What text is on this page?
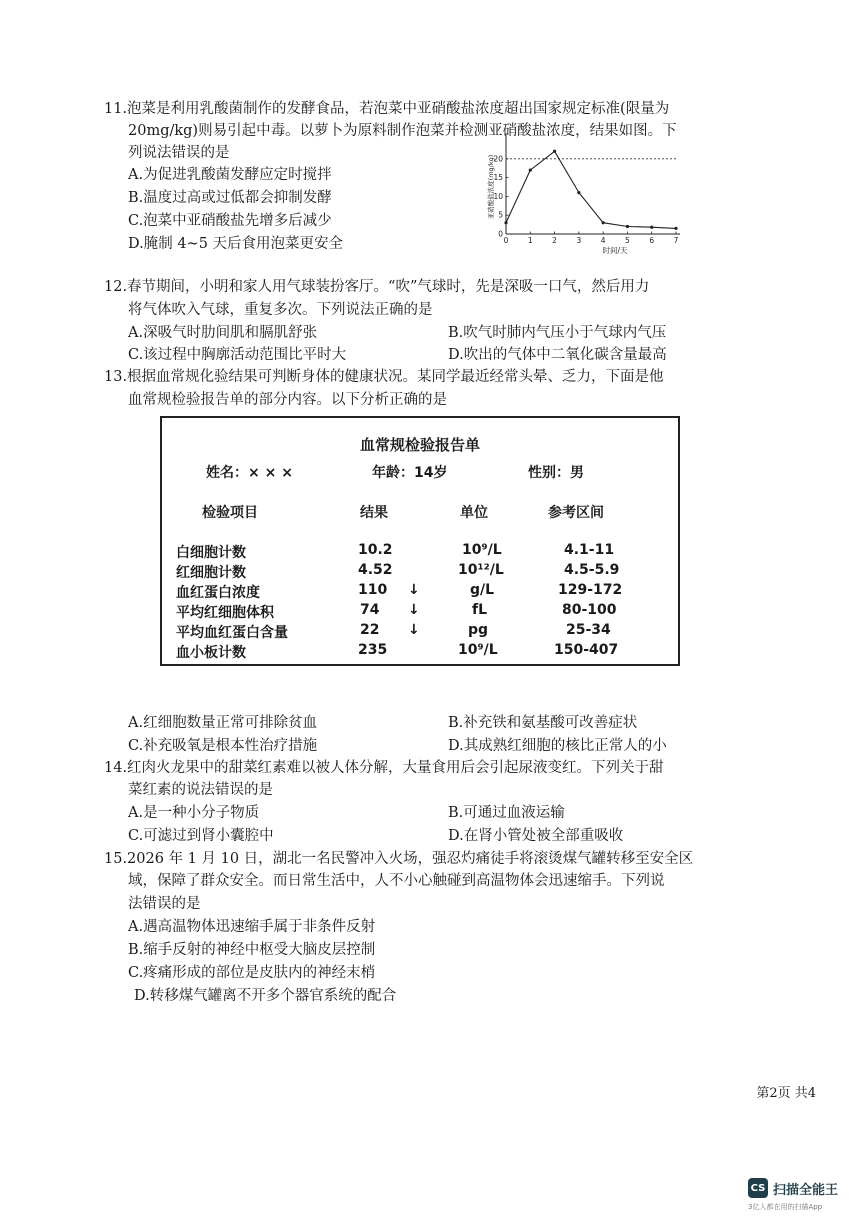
11.泡菜是利用乳酸菌制作的发酵食品，若泡菜中亚硝酸盐浓度超出国家规定标准(限量为
20mg/kg)则易引起中毒。以萝卜为原料制作泡菜并检测亚硝酸盐浓度，结果如图。下
列说法错误的是
A.为促进乳酸菌发酵应定时搅拌
B.温度过高或过低都会抑制发酵
C.泡菜中亚硝酸盐先增多后减少
D.腌制 4~5 天后食用泡菜更安全	0	1	2	3	4	5	6	7
0
5
10
15
20
时间/天
亚硝酸盐浓度(mg/kg)
12.春节期间，小明和家人用气球装扮客厅。“吹”气球时，先是深吸一口气，然后用力
将气体吹入气球，重复多次。下列说法正确的是
A.深吸气时肋间肌和膈肌舒张	B.吹气时肺内气压小于气球内气压
C.该过程中胸廓活动范围比平时大	D.吹出的气体中二氧化碳含量最高
13.根据血常规化验结果可判断身体的健康状况。某同学最近经常头晕、乏力，下面是他
血常规检验报告单的部分内容。以下分析正确的是
血常规检验报告单
姓名：× × ×	年龄：14岁	性别：男
检验项目	结果	单位	参考区间
白细胞计数	10.2	10⁹/L	4.1-11
红细胞计数	4.52	10¹²/L	4.5-5.9
血红蛋白浓度	110 ↓	g/L	129-172
平均红细胞体积	74 ↓	fL	80-100
平均血红蛋白含量	22 ↓	pg	25-34
血小板计数	235	10⁹/L	150-407
A.红细胞数量正常可排除贫血	B.补充铁和氨基酸可改善症状
C.补充吸氧是根本性治疗措施	D.其成熟红细胞的核比正常人的小
14.红肉火龙果中的甜菜红素难以被人体分解，大量食用后会引起尿液变红。下列关于甜
菜红素的说法错误的是
A.是一种小分子物质	B.可通过血液运输
C.可滤过到肾小囊腔中	D.在肾小管处被全部重吸收
15.2026 年 1 月 10 日，湖北一名民警冲入火场，强忍灼痛徒手将滚烫煤气罐转移至安全区
域，保障了群众安全。而日常生活中，人不小心触碰到高温物体会迅速缩手。下列说
法错误的是
A.遇高温物体迅速缩手属于非条件反射
B.缩手反射的神经中枢受大脑皮层控制
C.疼痛形成的部位是皮肤内的神经末梢
D.转移煤气罐离不开多个器官系统的配合
第2页 共4
CS 扫描全能王
3亿人都在用的扫描App
